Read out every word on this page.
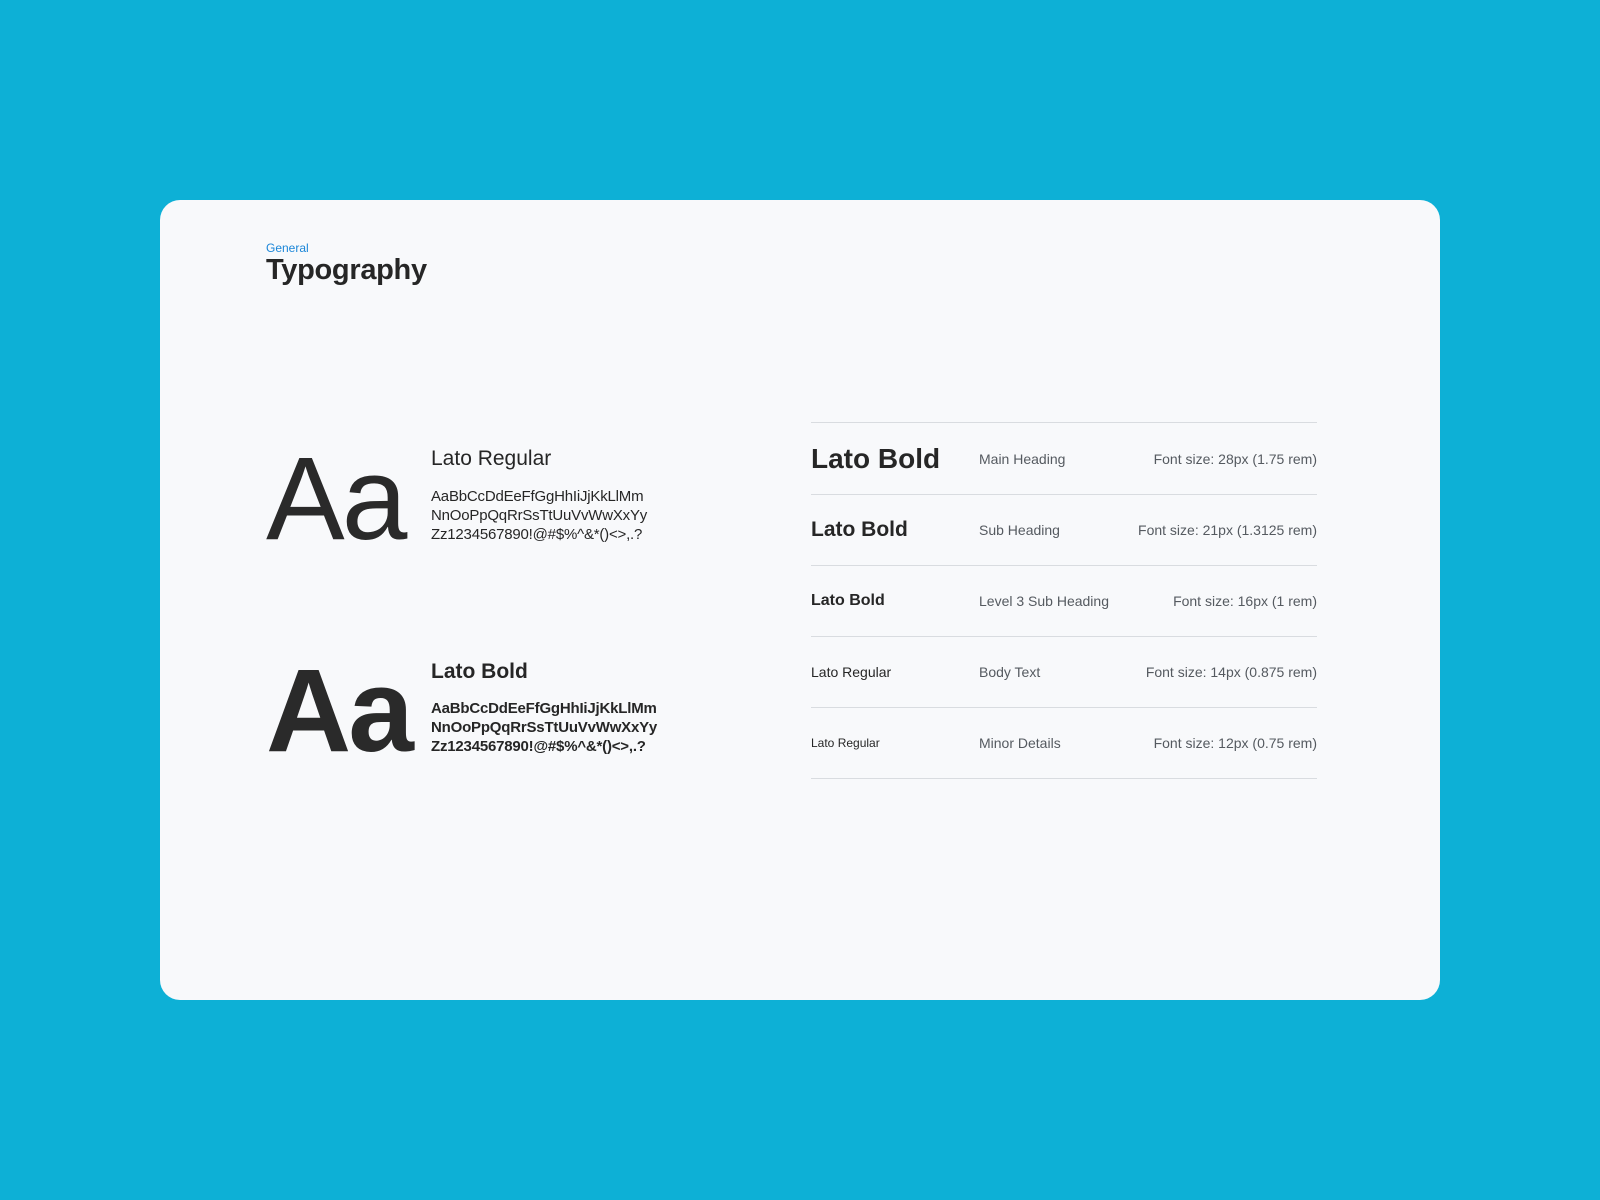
General
Typography
Aa Lato Regular
AaBbCcDdEeFfGgHhIiJjKkLlMm
NnOoPpQqRrSsTtUuVvWwXxYy
Zz1234567890!@#$%^&*()<>,.?
Aa Lato Bold
AaBbCcDdEeFfGgHhIiJjKkLlMm
NnOoPpQqRrSsTtUuVvWwXxYy
Zz1234567890!@#$%^&*()<>,.?
Lato Bold	Main Heading	Font size: 28px (1.75 rem)
Lato Bold	Sub Heading	Font size: 21px (1.3125 rem)
Lato Bold	Level 3 Sub Heading	Font size: 16px (1 rem)
Lato Regular	Body Text	Font size: 14px (0.875 rem)
Lato Regular	Minor Details	Font size: 12px (0.75 rem)
